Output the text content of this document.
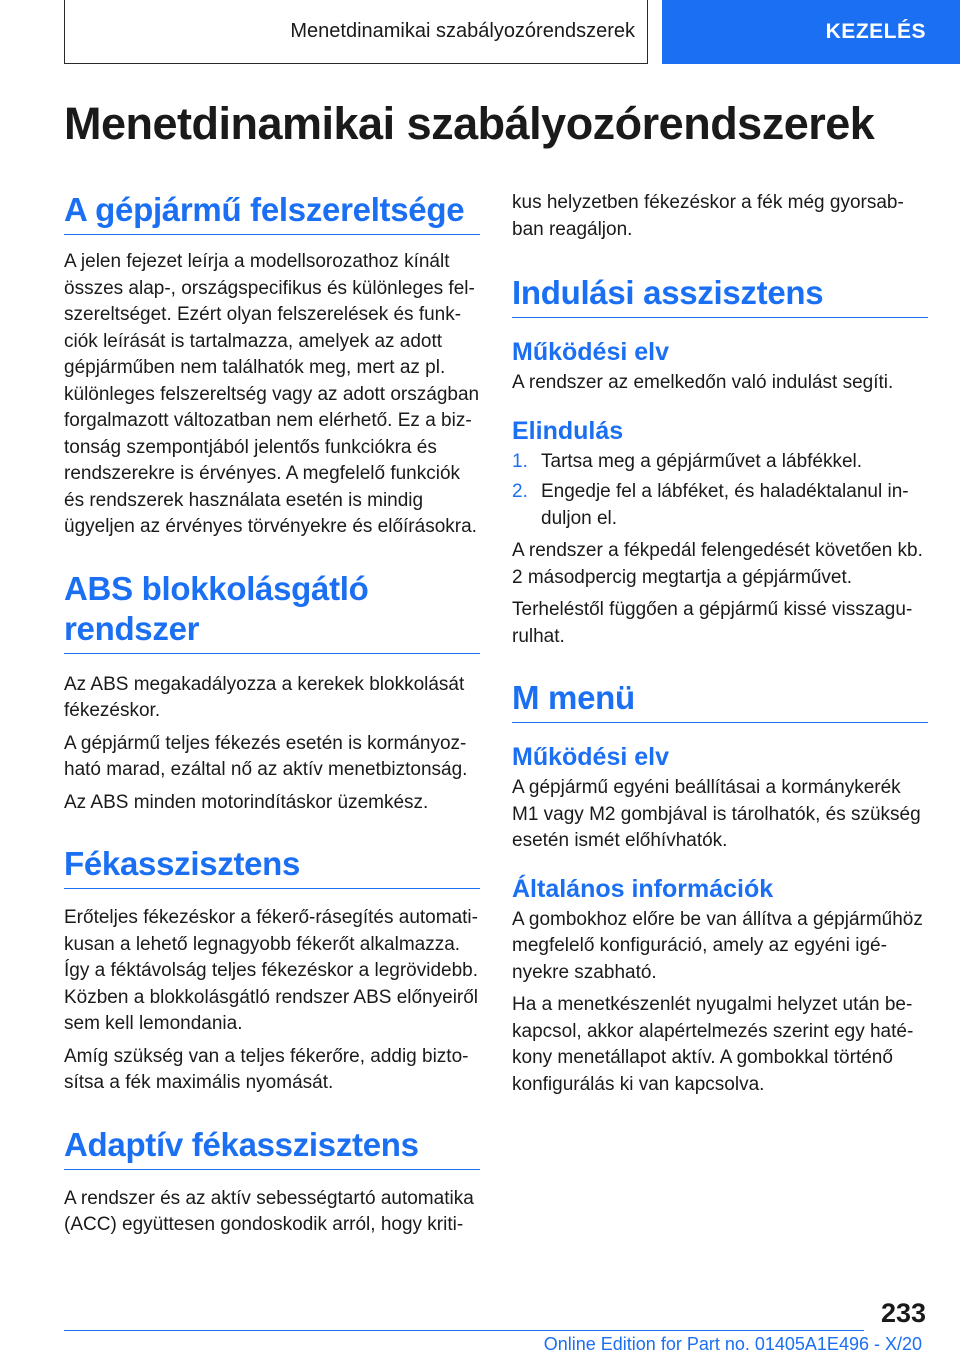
Menetdinamikai szabályozórendszerek	KEZELÉS
Menetdinamikai szabályozórendszerek
A gépjármű felszereltsége

A jelen fejezet leírja a modellsorozathoz kínált összes alap-, országspecifikus és különleges felszereltséget. Ezért olyan felszerelések és funkciók leírását is tartalmazza, amelyek az adott gépjárműben nem találhatók meg, mert az pl. különleges felszereltség vagy az adott országban forgalmazott változatban nem elérhető. Ez a biztonság szempontjából jelentős funkciókra és rendszerekre is érvényes. A megfelelő funkciók és rendszerek használata esetén is mindig ügyeljen az érvényes törvényekre és előírásokra.

ABS blokkolásgátló rendszer

Az ABS megakadályozza a kerekek blokkolását fékezéskor.

A gépjármű teljes fékezés esetén is kormányozható marad, ezáltal nő az aktív menetbiztonság.

Az ABS minden motorindításkor üzemkész.

Fékasszisztens

Erőteljes fékezéskor a fékerő-rásegítés automatikusan a lehető legnagyobb fékerőt alkalmazza. Így a féktávolság teljes fékezéskor a legrövidebb. Közben a blokkolásgátló rendszer ABS előnyeiről sem kell lemondania.

Amíg szükség van a teljes fékerőre, addig biztosítsa a fék maximális nyomását.

Adaptív fékasszisztens

A rendszer és az aktív sebességtartó automatika (ACC) együttesen gondoskodik arról, hogy kriti-

kus helyzetben fékezéskor a fék még gyorsabban reagáljon.

Indulási asszisztens
Működési elv

A rendszer az emelkedőn való indulást segíti.

Elindulás
1. Tartsa meg a gépjárművet a lábfékkel.
2. Engedje fel a lábféket, és haladéktalanul induljon el.

A rendszer a fékpedál felengedését követően kb. 2 másodpercig megtartja a gépjárművet.

Terheléstől függően a gépjármű kissé visszagurulhat.

M menü
Működési elv

A gépjármű egyéni beállításai a kormánykerék M1 vagy M2 gombjával is tárolhatók, és szükség esetén ismét előhívhatók.

Általános információk

A gombokhoz előre be van állítva a gépjárműhöz megfelelő konfiguráció, amely az egyéni igényekre szabható.

Ha a menetkészenlét nyugalmi helyzet után bekapcsol, akkor alapértelmezés szerint egy hatékony menetállapot aktív. A gombokkal történő konfigurálás ki van kapcsolva.

233
Online Edition for Part no. 01405A1E496 - X/20
